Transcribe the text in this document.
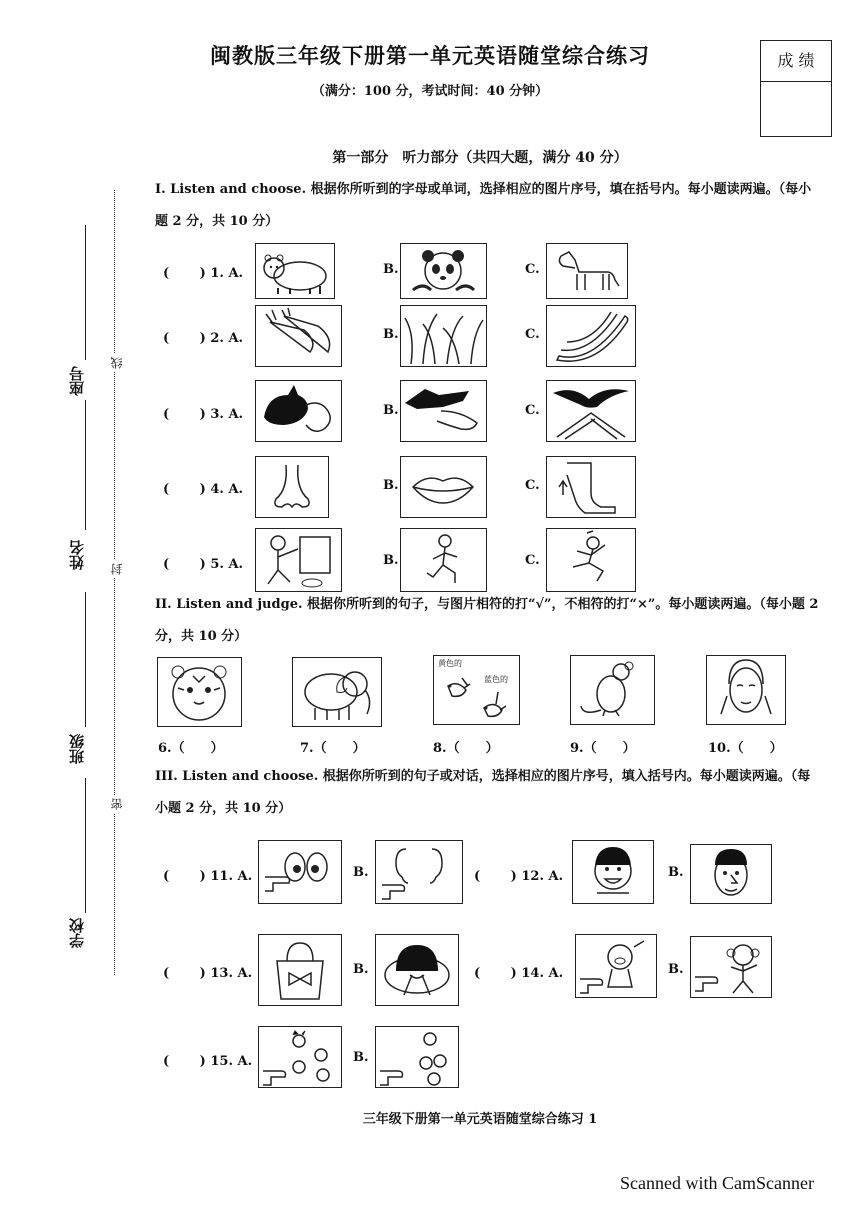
闽教版三年级下册第一单元英语随堂综合练习
（满分：100 分，考试时间：40 分钟）
成 绩
第一部分　听力部分（共四大题，满分 40 分）
座号
姓名
班级
学校
线
封
密
I. Listen and choose. 根据你所听到的字母或单词，选择相应的图片序号，填在括号内。每小题读两遍。（每小题 2 分，共 10 分）
(　　 ) 1. A.	B.	C.
(　　 ) 2. A.	B.	C.
(　　 ) 3. A.	B.	C.
(　　 ) 4. A.	B.	C.
(　　 ) 5. A.	B.	C.
II. Listen and judge. 根据你所听到的句子，与图片相符的打“√”，不相符的打“×”。每小题读两遍。（每小题 2 分，共 10 分）
6.（　　）	7.（　　）
黄色的
蓝色的
8.（　　）	9.（　　）	10.（　　）
III. Listen and choose. 根据你所听到的句子或对话，选择相应的图片序号，填入括号内。每小题读两遍。（每小题 2 分，共 10 分）
(　　 ) 11. A.	B.	(　　 ) 12. A.	B.
(　　 ) 13. A.	B.	(　　 ) 14. A.	B.
(　　 ) 15. A.	B.
三年级下册第一单元英语随堂综合练习 1
Scanned with CamScanner
